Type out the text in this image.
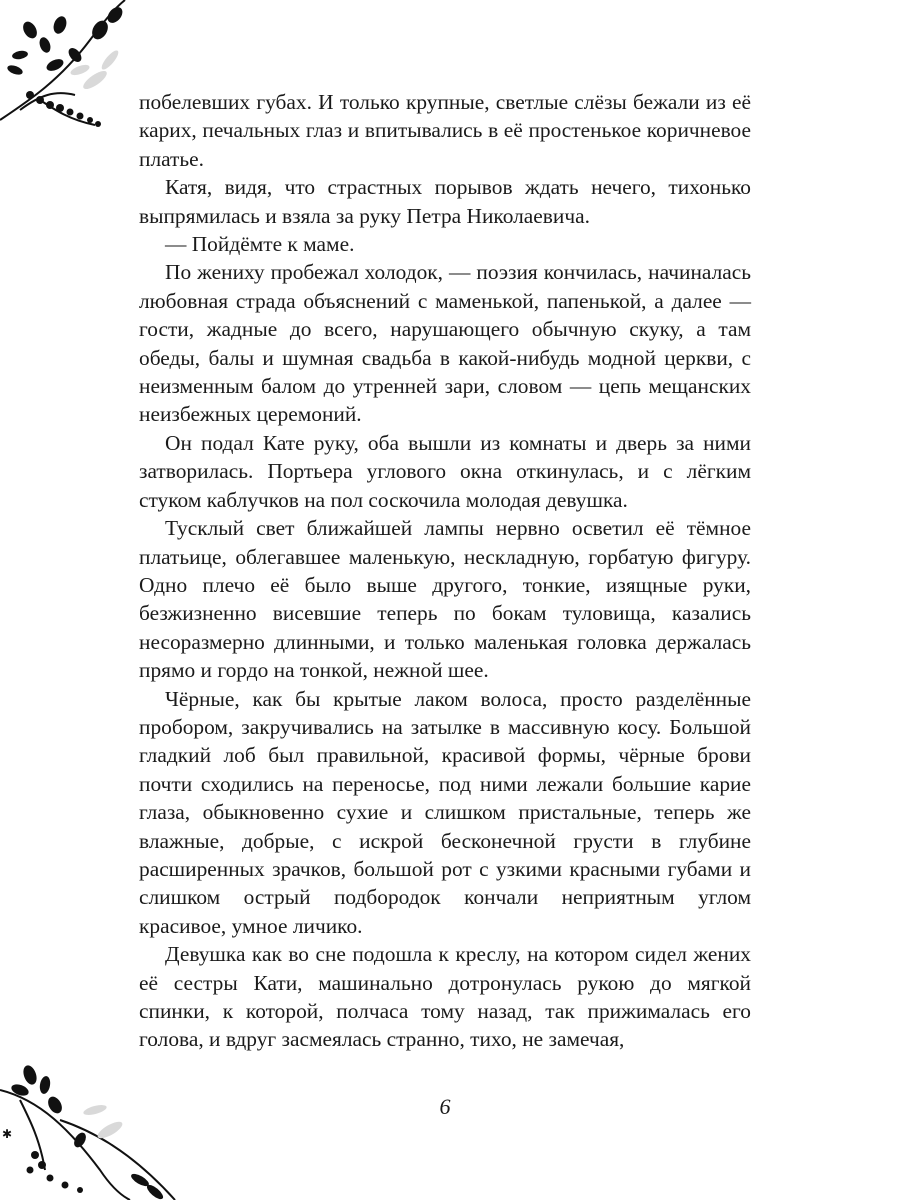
✱

побелевших губах. И только крупные, светлые слёзы бежали из её карих, печальных глаз и впитывались в её простенькое коричневое платье.

Катя, видя, что страстных порывов ждать нечего, тихонько выпрямилась и взяла за руку Петра Николаевича.

— Пойдёмте к маме.

По жениху пробежал холодок, — поэзия кончилась, начиналась любовная страда объяснений с маменькой, папенькой, а далее — гости, жадные до всего, нарушающего обычную скуку, а там обеды, балы и шумная свадьба в какой-нибудь модной церкви, с неизменным балом до утренней зари, словом — цепь мещанских неизбежных церемоний.

Он подал Кате руку, оба вышли из комнаты и дверь за ними затворилась. Портьера углового окна откинулась, и с лёгким стуком каблучков на пол соскочила молодая девушка.

Тусклый свет ближайшей лампы нервно осветил её тёмное платьице, облегавшее маленькую, нескладную, горбатую фигуру. Одно плечо её было выше другого, тонкие, изящные руки, безжизненно висевшие теперь по бокам туловища, казались несоразмерно длинными, и только маленькая головка держалась прямо и гордо на тонкой, нежной шее.

Чёрные, как бы крытые лаком волоса, просто разделённые пробором, закручивались на затылке в массивную косу. Большой гладкий лоб был правильной, красивой формы, чёрные брови почти сходились на переносье, под ними лежали большие карие глаза, обыкновенно сухие и слишком пристальные, теперь же влажные, добрые, с искрой бесконечной грусти в глубине расширенных зрачков, большой рот с узкими красными губами и слишком острый подбородок кончали неприятным углом красивое, умное личико.

Девушка как во сне подошла к креслу, на котором сидел жених её сестры Кати, машинально дотронулась рукою до мягкой спинки, к которой, полчаса тому назад, так прижималась его голова, и вдруг засмеялась странно, тихо, не замечая,

6
